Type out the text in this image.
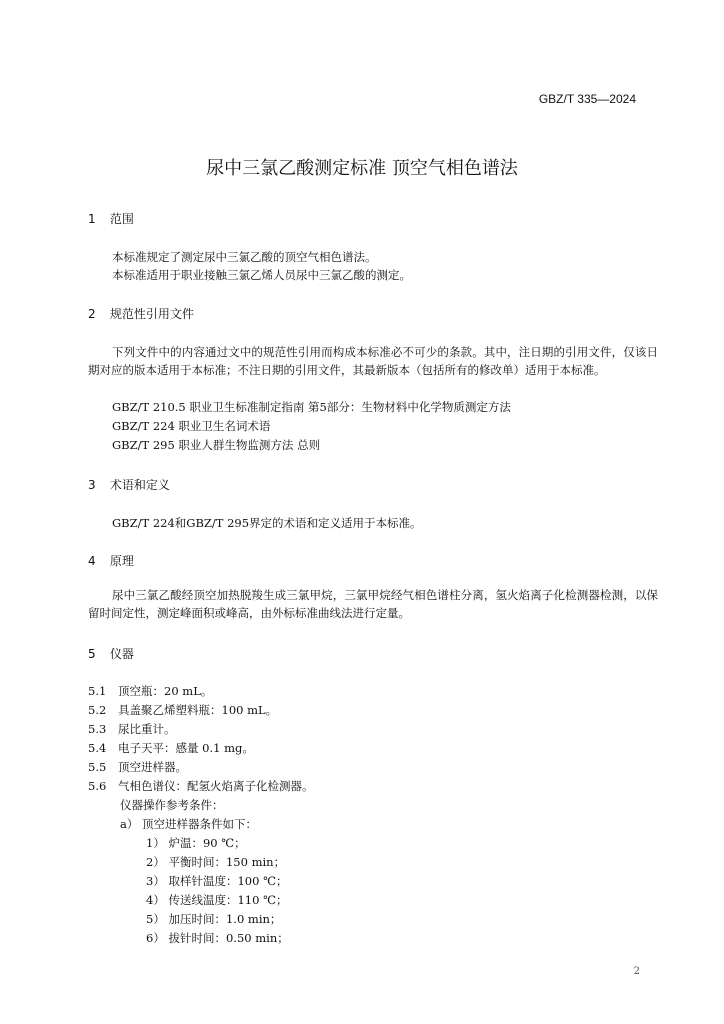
GBZ/T 335—2024
尿中三氯乙酸测定标准 顶空气相色谱法
1 范围
本标准规定了测定尿中三氯乙酸的顶空气相色谱法。
本标准适用于职业接触三氯乙烯人员尿中三氯乙酸的测定。
2 规范性引用文件
下列文件中的内容通过文中的规范性引用而构成本标准必不可少的条款。其中，注日期的引用文件，仅该日期对应的版本适用于本标准；不注日期的引用文件，其最新版本（包括所有的修改单）适用于本标准。
GBZ/T 210.5 职业卫生标准制定指南 第5部分：生物材料中化学物质测定方法
GBZ/T 224 职业卫生名词术语
GBZ/T 295 职业人群生物监测方法 总则
3 术语和定义
GBZ/T 224和GBZ/T 295界定的术语和定义适用于本标准。
4 原理
尿中三氯乙酸经顶空加热脱羧生成三氯甲烷，三氯甲烷经气相色谱柱分离，氢火焰离子化检测器检测，以保留时间定性，测定峰面积或峰高，由外标标准曲线法进行定量。
5 仪器
5.1 顶空瓶：20 mL。
5.2 具盖聚乙烯塑料瓶：100 mL。
5.3 尿比重计。
5.4 电子天平：感量 0.1 mg。
5.5 顶空进样器。
5.6 气相色谱仪：配氢火焰离子化检测器。
仪器操作参考条件：
a） 顶空进样器条件如下：
1） 炉温：90 ℃；
2） 平衡时间：150 min；
3） 取样针温度：100 ℃；
4） 传送线温度：110 ℃；
5） 加压时间：1.0 min；
6） 拔针时间：0.50 min；
2
